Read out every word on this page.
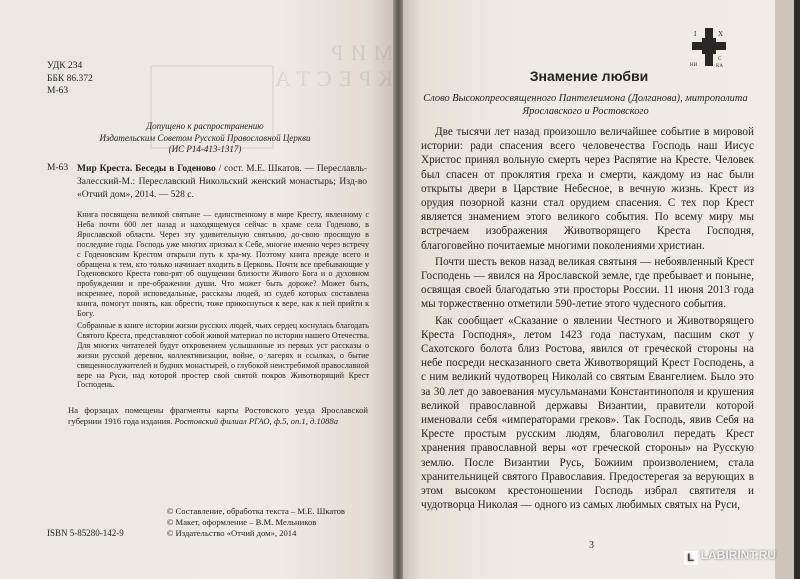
МИР КРЕСТА
УДК 234
ББК 86.372
М-63
Допущено к распространению
Издательским Советом Русской Православной Церкви
(ИС Р14-413-1317)
М-63 Мир Креста. Беседы в Годеново / сост. М.Е. Шкатов. — Переславль-Залесский-М.: Переславский Никольский женский монастырь; Изд-во «Отчий дом», 2014. — 528 с.

Книга посвящена великой святыне — единственному в мире Кресту, явленному с Неба почти 600 лет назад и находящемуся сейчас в храме села Годеново, в Ярославской области. Через эту удивительную святыню, до-свою просящую в последние годы. Господь уже многих призвал к Себе, многие именно через встречу с Годеновским Крестом открыли путь к хра-му. Поэтому книга прежде всего и обращена к тем, кто только начинает входить в Церковь. Почти все пребывающие у Годеновского Креста гово-рят об ощущении близости Живого Бога и о духовном пробуждении и пре-ображении души. Что может быть дороже? Может быть, искреннее, порой исповедальные, рассказы людей, из судеб которых составлена книга, помогут понять, как обрести, тоже прикоснуться к вере, как к ней прийти к Богу.

Собранные в книге истории жизни русских людей, чьих сердец коснулась благодать Святого Креста, представляют собой живой материал по истории нашего Отечества. Для многих читателей будут откровением услышанные из первых уст рассказы о жизни русской деревни, коллективизации, войне, о лагерях и ссылках, о бытие священнослужителей и буднях монастырей, о глубокой неистребимой православной вере на Руси, над которой простер свой святой покров Животворящий Крест Господень.

На форзацах помещены фрагменты карты Ростовского уезда Ярославской губернии 1916 года издания. Ростовский филиал РГАО, ф.5, оп.1, д.1088а
© Составление, обработка текста – М.Е. Шкатов
© Макет, оформление – В.М. Мельников
© Издательство «Отчий дом», 2014
ISBN 5-85280-142-9
І	Х
С
НИ	КА
Знамение любви
Слово Высокопреосвященного Пантелеимона (Долганова), митрополита Ярославского и Ростовского

Две тысячи лет назад произошло величайшее событие в мировой истории: ради спасения всего человечества Господь наш Иисус Христос принял вольную смерть через Распятие на Кресте. Человек был спасен от проклятия греха и смерти, каждому из нас были открыты двери в Царствие Небесное, в вечную жизнь. Крест из орудия позорной казни стал орудием спасения. С тех пор Крест является знамением этого великого события. По всему миру мы встречаем изображения Животворящего Креста Господня, благоговейно почитаемые многими поколениями христиан.

Почти шесть веков назад великая святыня — небоявленный Крест Господень — явился на Ярославской земле, где пребывает и поныне, освящая своей благодатью эти просторы России. 11 июня 2013 года мы торжественно отметили 590-летие этого чудесного события.

Как сообщает «Сказание о явлении Честного и Животворящего Креста Господня», летом 1423 года пастухам, пасшим скот у Сахотского болота близ Ростова, явился от греческой стороны на небе посреди несказанного света Животворящий Крест Господень, а с ним великий чудотворец Николай со святым Евангелием. Было это за 30 лет до завоевания мусульманами Константинополя и крушения великой православной державы Византии, правители которой именовали себя «императорами греков». Так Господь, явив Себя на Кресте простым русским людям, благоволил передать Крест хранения православной веры «от греческой стороны» на Русскую землю. После Византии Русь, Божиим произволением, стала хранительницей святого Православия. Предостерегая за верующих в этом высоком крестоношении Господь избрал святителя и чудотворца Николая — одного из самых любимых святых на Руси,

3
L LABIRINT.RU
